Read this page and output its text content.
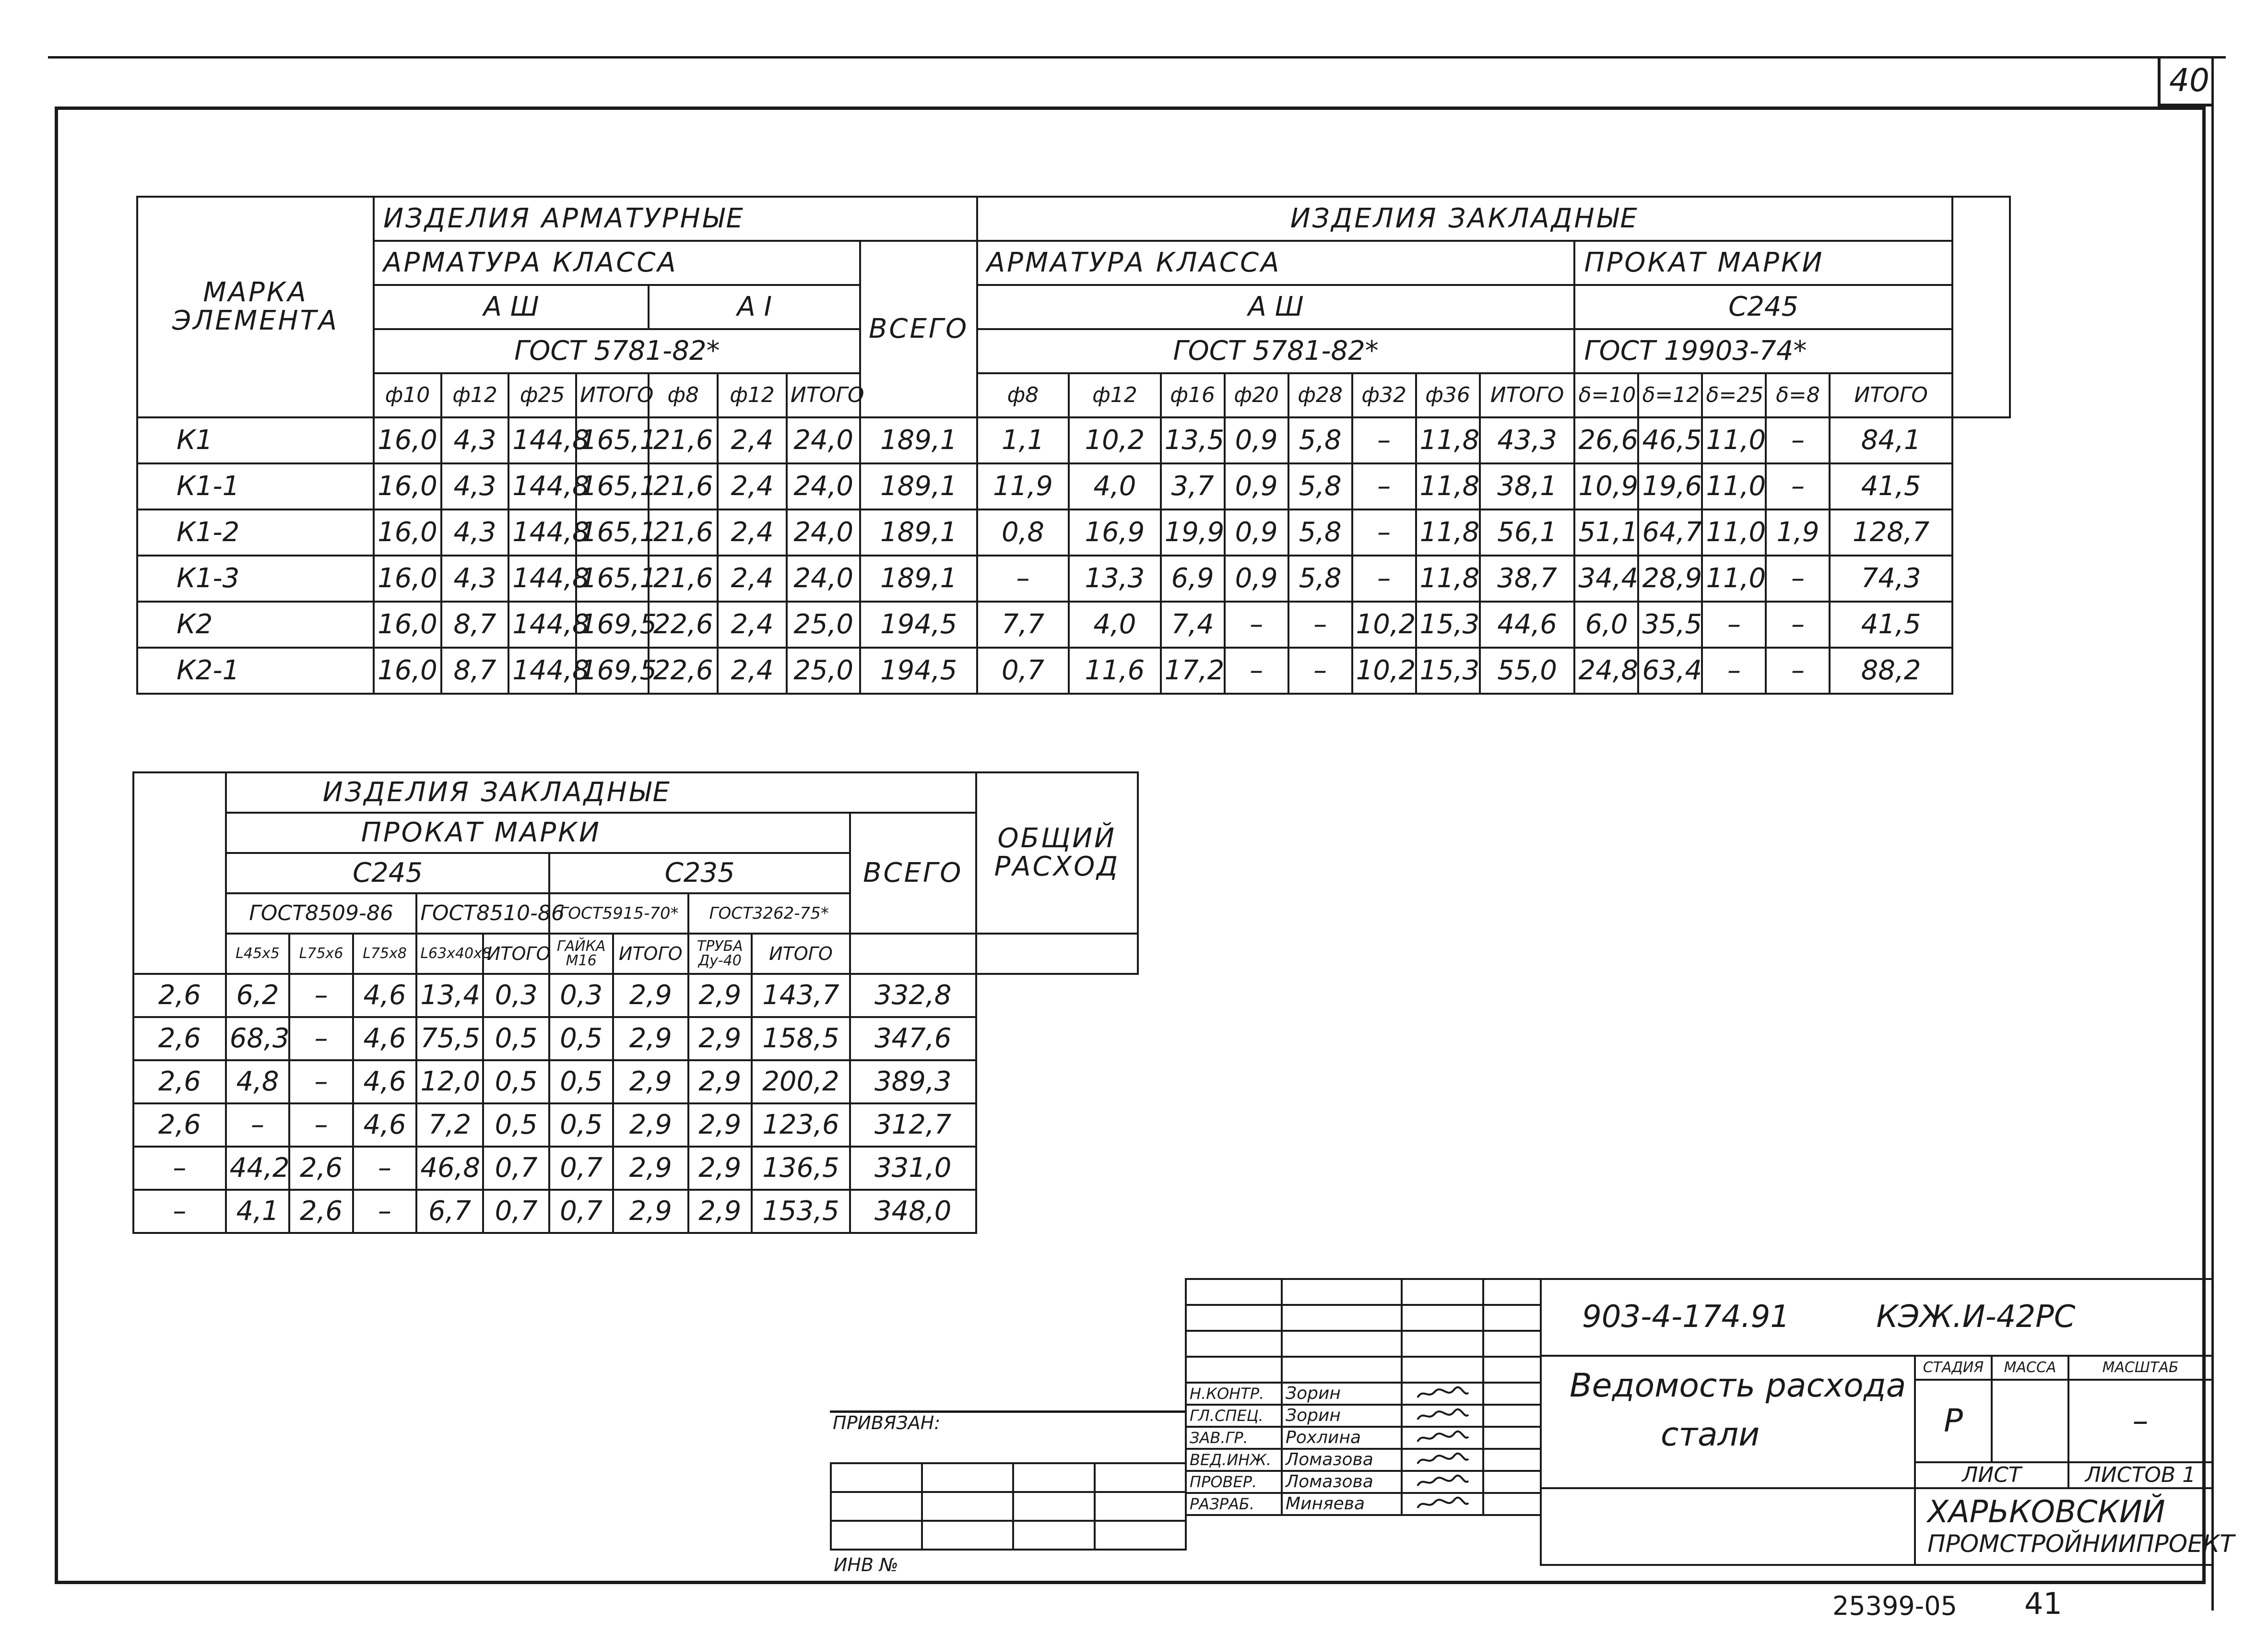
40
МАРКА ЭЛЕМЕНТА	ИЗДЕЛИЯ АРМАТУРНЫЕ								ИЗДЕЛИЯ ЗАКЛАДНЫЕ													
	АРМАТУРА КЛАССА							ВСЕГО	АРМАТУРА КЛАССА								ПРОКАТ МАРКИ					
	А Ш				А I				А Ш								С245					
	ГОСТ 5781-82*								ГОСТ 5781-82*								ГОСТ 19903-74*					
	ф10	ф12	ф25	ИТОГО	ф8	ф12	ИТОГО		ф8	ф12	ф16	ф20	ф28	ф32	ф36	ИТОГО	δ=10	δ=12	δ=25	δ=8	ИТОГО	
К1	16,0	4,3	144,8	165,1	21,6	2,4	24,0	189,1	1,1	10,2	13,5	0,9	5,8	–	11,8	43,3	26,6	46,5	11,0	–	84,1	
К1-1	16,0	4,3	144,8	165,1	21,6	2,4	24,0	189,1	11,9	4,0	3,7	0,9	5,8	–	11,8	38,1	10,9	19,6	11,0	–	41,5	
К1-2	16,0	4,3	144,8	165,1	21,6	2,4	24,0	189,1	0,8	16,9	19,9	0,9	5,8	–	11,8	56,1	51,1	64,7	11,0	1,9	128,7	
К1-3	16,0	4,3	144,8	165,1	21,6	2,4	24,0	189,1	–	13,3	6,9	0,9	5,8	–	11,8	38,7	34,4	28,9	11,0	–	74,3	
К2	16,0	8,7	144,8	169,5	22,6	2,4	25,0	194,5	7,7	4,0	7,4	–	–	10,2	15,3	44,6	6,0	35,5	–	–	41,5	
К2-1	16,0	8,7	144,8	169,5	22,6	2,4	25,0	194,5	0,7	11,6	17,2	–	–	10,2	15,3	55,0	24,8	63,4	–	–	88,2	
	ИЗДЕЛИЯ ЗАКЛАДНЫЕ										ОБЩИЙ РАСХОД
	ПРОКАТ МАРКИ									ВСЕГО	
	С245					С235					
	ГОСТ8509-86			ГОСТ8510-86		ГОСТ5915-70*		ГОСТ3262-75*			
	L45x5	L75x6	L75x8	L63x40x8	ИТОГО	ГАЙКА М16	ИТОГО	ТРУБА Ду-40	ИТОГО		
2,6	6,2	–	4,6	13,4	0,3	0,3	2,9	2,9	143,7	332,8	
2,6	68,3	–	4,6	75,5	0,5	0,5	2,9	2,9	158,5	347,6	
2,6	4,8	–	4,6	12,0	0,5	0,5	2,9	2,9	200,2	389,3	
2,6	–	–	4,6	7,2	0,5	0,5	2,9	2,9	123,6	312,7	
–	44,2	2,6	–	46,8	0,7	0,7	2,9	2,9	136,5	331,0	
–	4,1	2,6	–	6,7	0,7	0,7	2,9	2,9	153,5	348,0	
ПРИВЯЗАН:

ИНВ №

Н.КОНТР.	Зорин	

ГЛ.СПЕЦ.	Зорин	

ЗАВ.ГР.	Рохлина	

ВЕД.ИНЖ.	Ломазова	

ПРОВЕР.	Ломазова	

РАЗРАБ.	Миняева	

903-4-174.91 КЭЖ.И-42РС			

Ведомость расхода
стали	СТАДИЯ	МАССА	МАСШТАБ
	Р		–
	ЛИСТ		ЛИСТОВ 1

	ХАРЬКОВСКИЙ
ПРОМСТРОЙНИИПРОЕКТ		
25399-05 41
